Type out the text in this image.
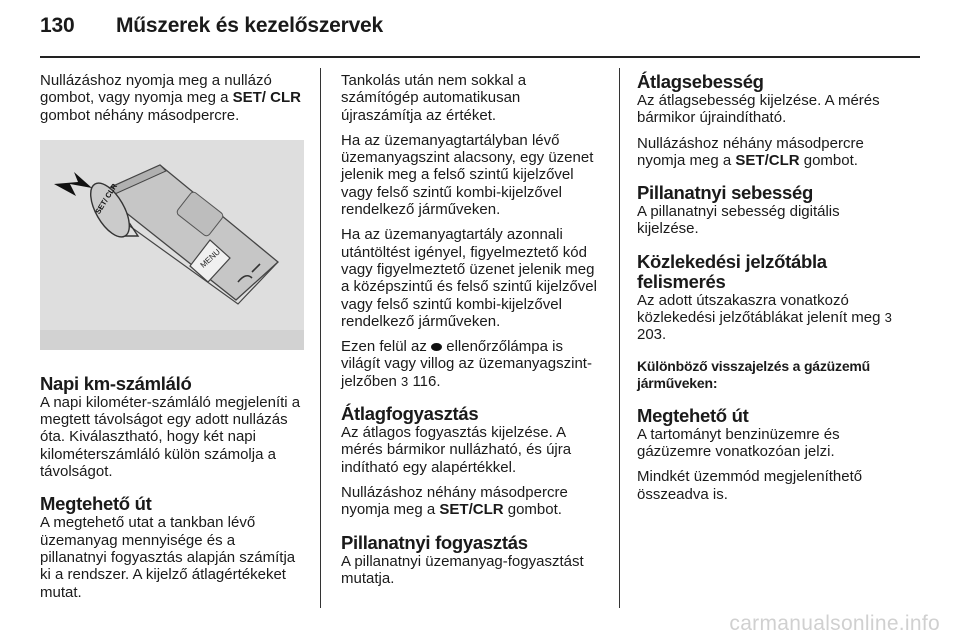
130 Műszerek és kezelőszervek

Nullázáshoz nyomja meg a nullázó gombot, vagy nyomja meg a SET/ CLR gombot néhány másodpercre.

MENU
SET/ CLR
Napi km-számláló

A napi kilométer-számláló megjeleníti a megtett távolságot egy adott nullázás óta. Kiválasztható, hogy két napi kilométerszámláló külön számolja a távolságot.

Megtehető út

A megtehető utat a tankban lévő üzemanyag mennyisége és a pillanatnyi fogyasztás alapján számítja ki a rendszer. A kijelző átlagértékeket mutat.

Tankolás után nem sokkal a számítógép automatikusan újraszámítja az értéket.

Ha az üzemanyagtartályban lévő üzemanyagszint alacsony, egy üzenet jelenik meg a felső szintű kijelzővel vagy felső szintű kombi-kijelzővel rendelkező járműveken.

Ha az üzemanyagtartály azonnali utántöltést igényel, figyelmeztető kód vagy figyelmeztető üzenet jelenik meg a középszintű és felső szintű kijelzővel vagy felső szintű kombi-kijelzővel rendelkező járműveken.

Ezen felül az  ellenőrzőlámpa is világít vagy villog az üzemanyagszint-jelzőben 3 116.

Átlagfogyasztás

Az átlagos fogyasztás kijelzése. A mérés bármikor nullázható, és újra indítható egy alapértékkel.

Nullázáshoz néhány másodpercre nyomja meg a SET/CLR gombot.

Pillanatnyi fogyasztás

A pillanatnyi üzemanyag-fogyasztást mutatja.

Átlagsebesség

Az átlagsebesség kijelzése. A mérés bármikor újraindítható.

Nullázáshoz néhány másodpercre nyomja meg a SET/CLR gombot.

Pillanatnyi sebesség

A pillanatnyi sebesség digitális kijelzése.

Közlekedési jelzőtábla felismerés

Az adott útszakaszra vonatkozó közlekedési jelzőtáblákat jelenít meg 3 203.

Különböző visszajelzés a gázüzemű járműveken:
Megtehető út

A tartományt benzinüzemre és gázüzemre vonatkozóan jelzi.

Mindkét üzemmód megjeleníthető összeadva is.

carmanualsonline.info
